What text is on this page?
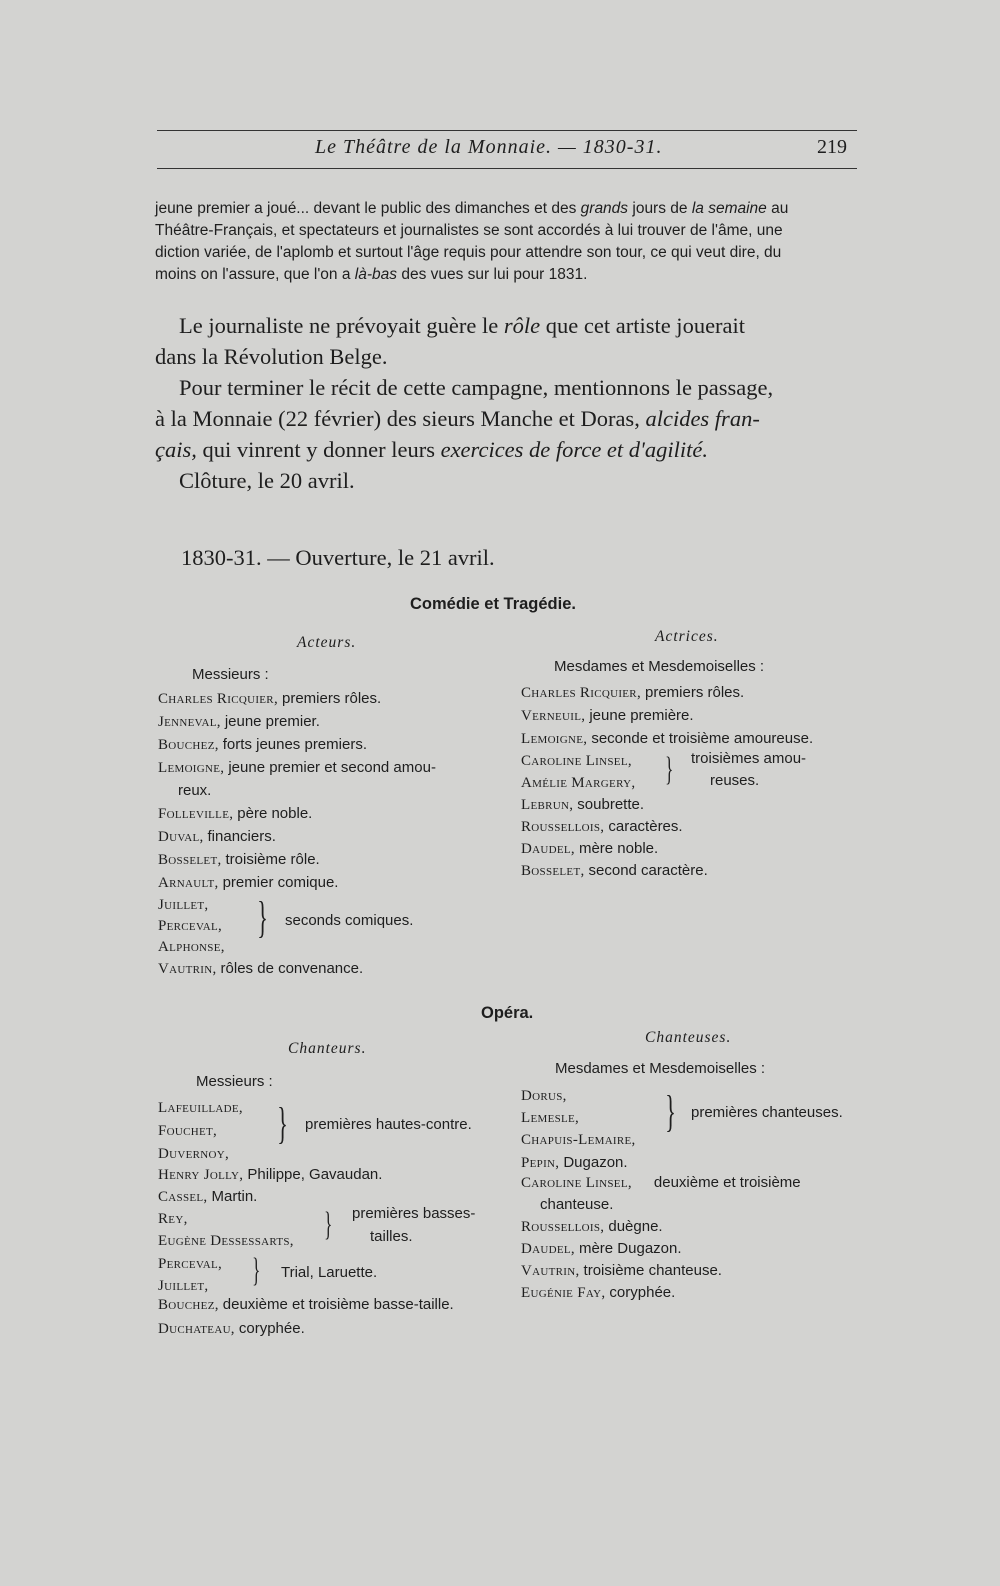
Le Théâtre de la Monnaie. — 1830-31.	219

jeune premier a joué... devant le public des dimanches et des grands jours de la semaine au

Théâtre-Français, et spectateurs et journalistes se sont accordés à lui trouver de l'âme, une

diction variée, de l'aplomb et surtout l'âge requis pour attendre son tour, ce qui veut dire, du

moins on l'assure, que l'on a là-bas des vues sur lui pour 1831.

Le journaliste ne prévoyait guère le rôle que cet artiste jouerait

dans la Révolution Belge.

Pour terminer le récit de cette campagne, mentionnons le passage,

à la Monnaie (22 février) des sieurs Manche et Doras, alcides fran-

çais, qui vinrent y donner leurs exercices de force et d'agilité.

Clôture, le 20 avril.

1830-31. — Ouverture, le 21 avril.
Comédie et Tragédie.
Acteurs.	Actrices.
Messieurs :	Mesdames et Mesdemoiselles :
Charles Ricquier, premiers rôles.
Jenneval, jeune premier.
Bouchez, forts jeunes premiers.
Lemoigne, jeune premier et second amou-
reux.
Folleville, père noble.
Duval, financiers.
Bosselet, troisième rôle.
Arnault, premier comique.
Juillet,
Perceval,
Alphonse,
} seconds comiques.
Vautrin, rôles de convenance.
Charles Ricquier, premiers rôles.
Verneuil, jeune première.
Lemoigne, seconde et troisième amoureuse.
Caroline Linsel,
Amélie Margery, } troisièmes amou-
reuses.
Lebrun, soubrette.
Roussellois, caractères.
Daudel, mère noble.
Bosselet, second caractère.
Opéra.
Chanteurs.
Chanteuses.
Messieurs :
Mesdames et Mesdemoiselles :
Lafeuillade,
Fouchet,
Duvernoy,
} premières hautes-contre.
Henry Jolly, Philippe, Gavaudan.
Cassel, Martin.
Rey,
Eugène Dessessarts, } premières basses-
tailles.
Perceval,
Juillet, } Trial, Laruette.
Bouchez, deuxième et troisième basse-taille.
Duchateau, coryphée.
Dorus,
Lemesle,
Chapuis-Lemaire,
} premières chanteuses.
Pepin, Dugazon.
Caroline Linsel, deuxième et troisième
chanteuse.
Roussellois, duègne.
Daudel, mère Dugazon.
Vautrin, troisième chanteuse.
Eugénie Fay, coryphée.
